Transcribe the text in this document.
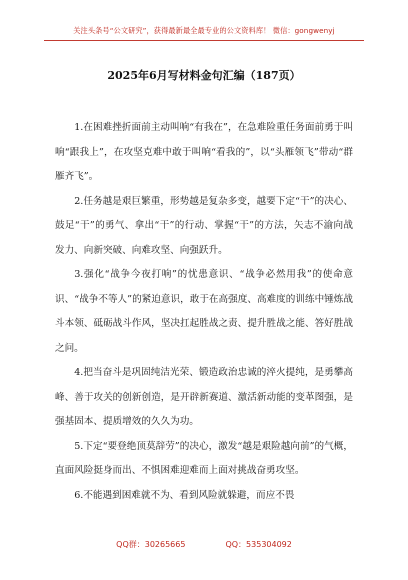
关注头条号“公文研究”，获得最新最全最专业的公文资料库！ 微信：gongwenyj
2025年6月写材料金句汇编（187页）

1.在困难挫折面前主动叫响“有我在”，在急难险重任务面前勇于叫响“跟我上”，在攻坚克难中敢于叫响“看我的”，以“头雁领飞”带动“群雁齐飞”。

2.任务越是艰巨繁重，形势越是复杂多变，越要下定“干”的决心、鼓足“干”的勇气、拿出“干”的行动、掌握“干”的方法，矢志不渝向战发力、向新突破、向难攻坚、向强跃升。

3.强化“战争今夜打响”的忧患意识、“战争必然用我”的使命意识、“战争不等人”的紧迫意识，敢于在高强度、高难度的训练中锤炼战斗本领、砥砺战斗作风，坚决扛起胜战之责、提升胜战之能、答好胜战之问。

4.把当奋斗是巩固纯洁光荣、锻造政治忠诚的淬火提纯，是勇攀高峰、善于攻关的创新创造，是开辟新赛道、激活新动能的变革图强，是强基固本、提质增效的久久为功。

5.下定“要登绝顶莫辞劳”的决心，激发“越是艰险越向前”的气概，直面风险挺身而出、不惧困难迎难而上面对挑战奋勇攻坚。

6.不能遇到困难就不为、看到风险就躲避，而应不畏

QQ群：30265665	QQ：535304092
